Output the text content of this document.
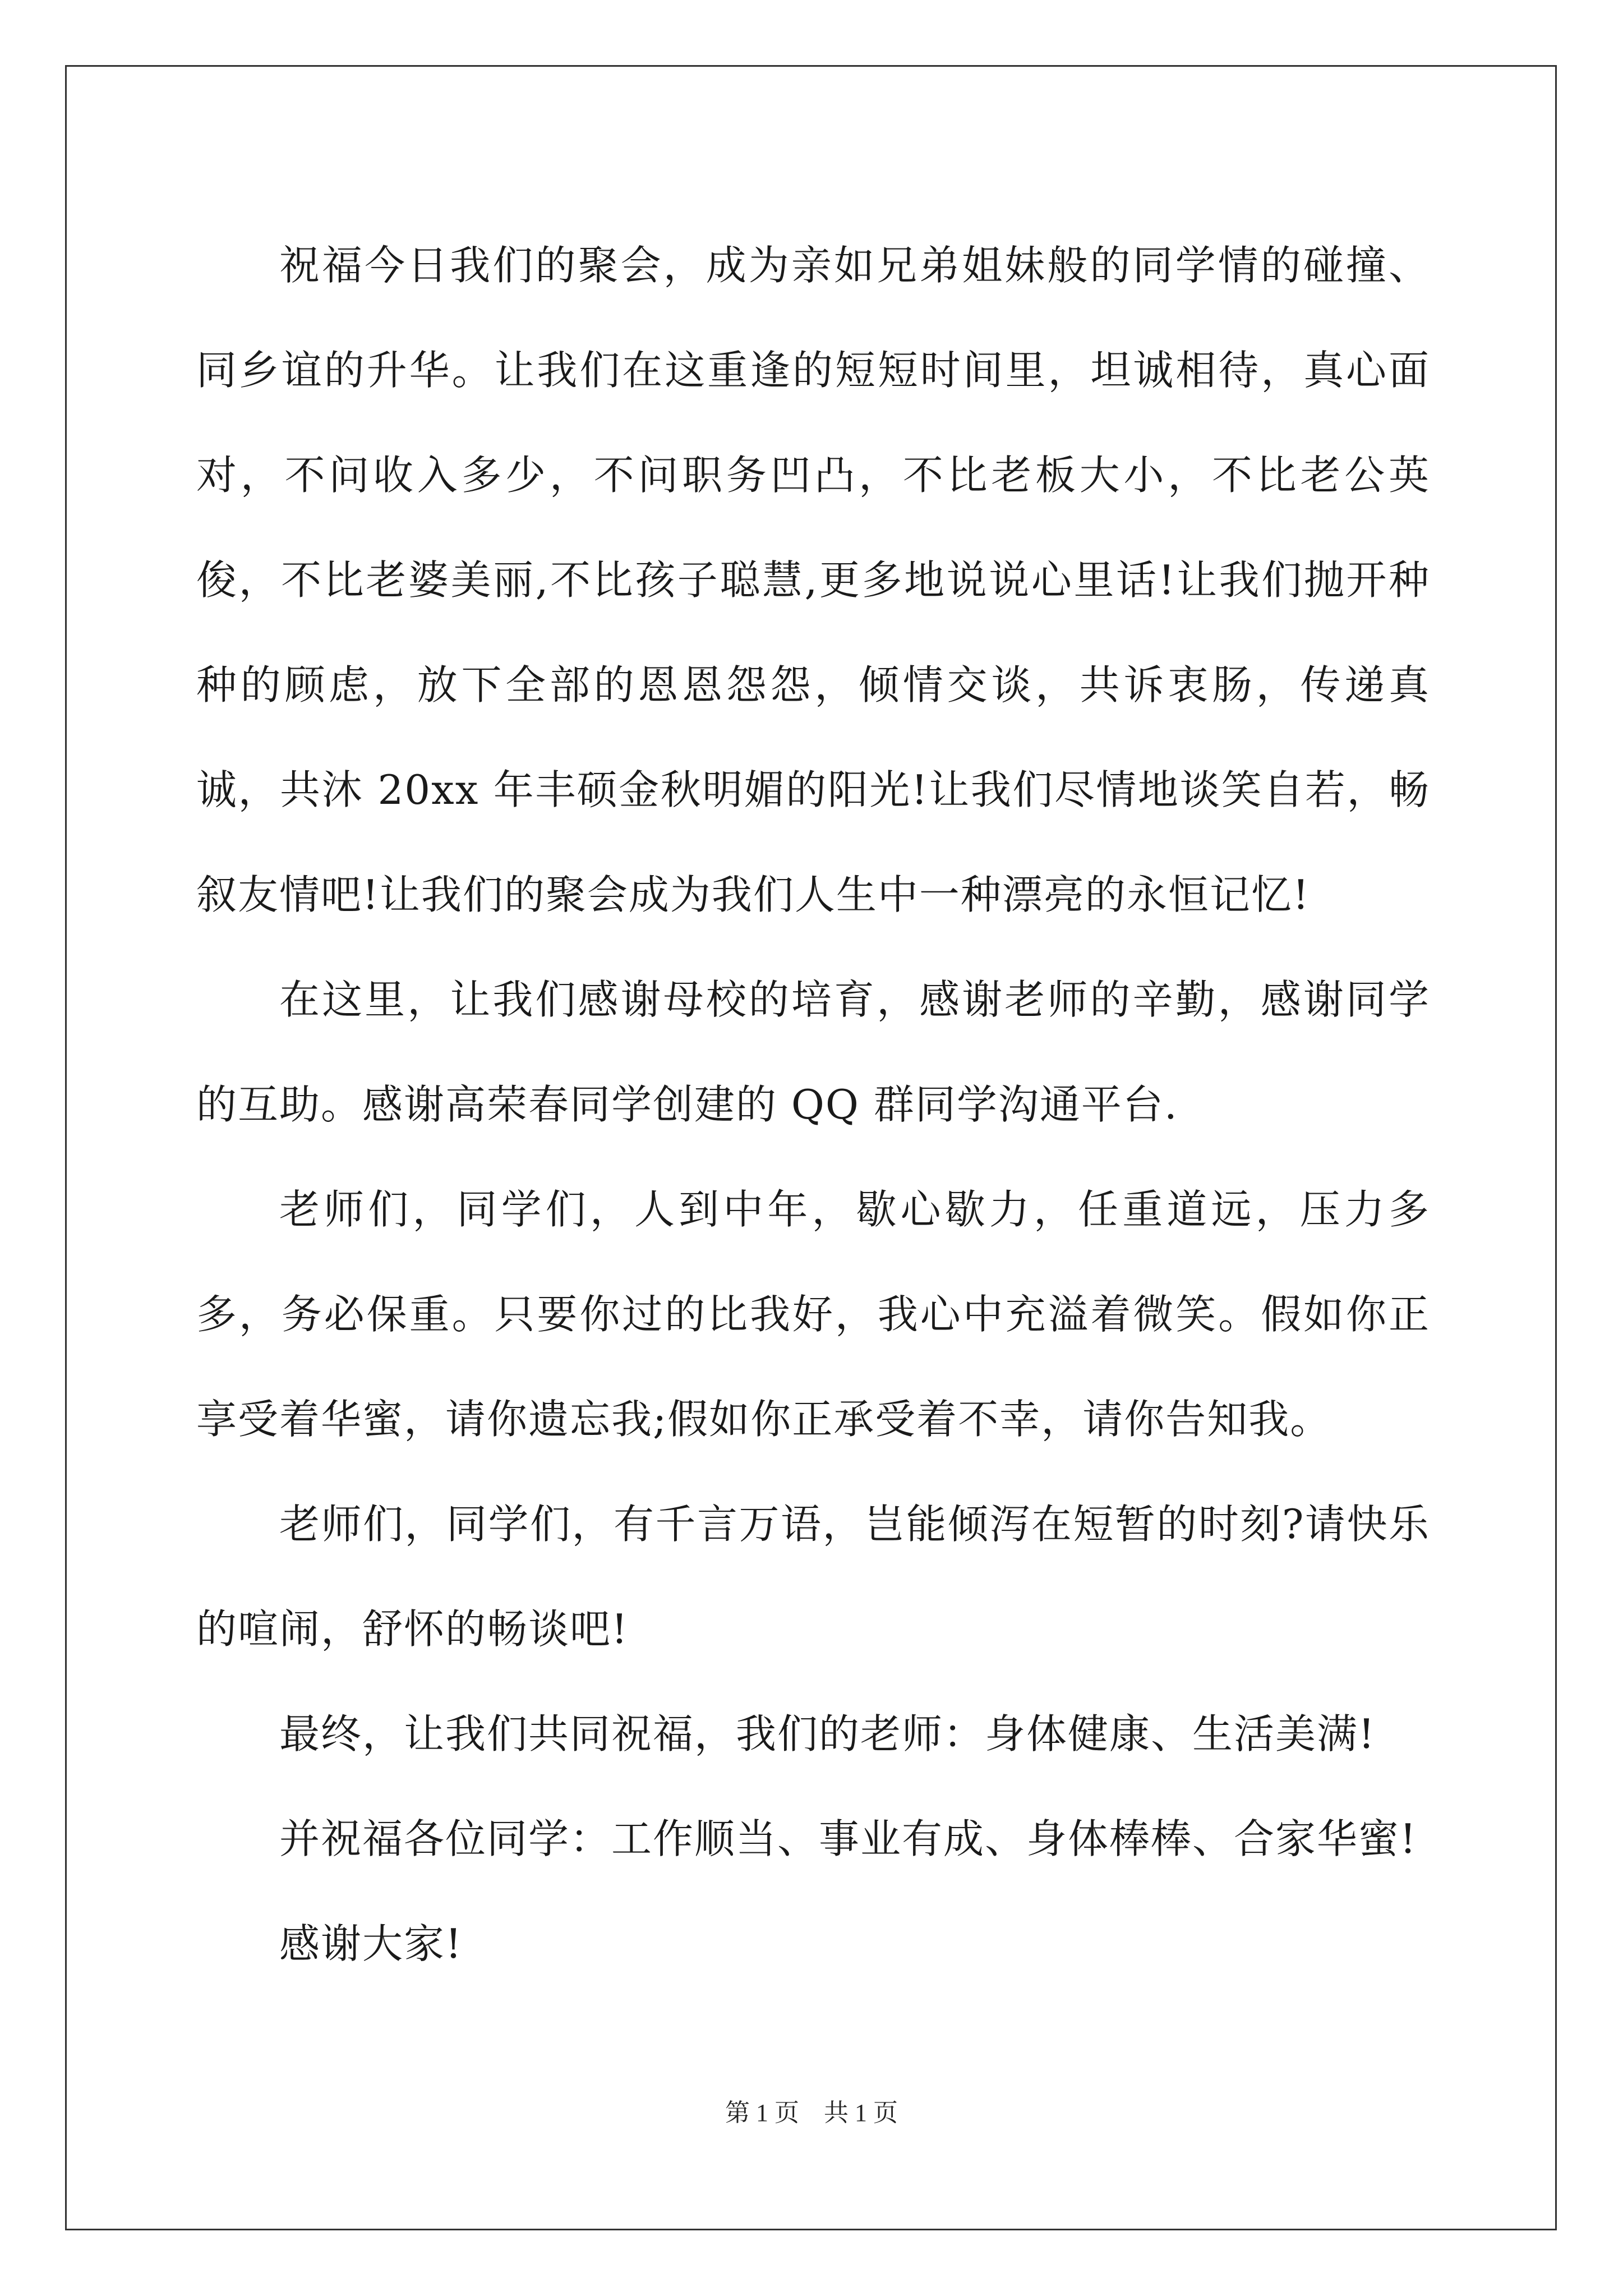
祝福今日我们的聚会，成为亲如兄弟姐妹般的同学情的碰撞、同乡谊的升华。让我们在这重逢的短短时间里，坦诚相待，真心面对，不问收入多少，不问职务凹凸，不比老板大小，不比老公英俊，不比老婆美丽,不比孩子聪慧,更多地说说心里话!让我们抛开种种的顾虑，放下全部的恩恩怨怨，倾情交谈，共诉衷肠，传递真诚，共沐 20xx 年丰硕金秋明媚的阳光!让我们尽情地谈笑自若，畅叙友情吧!让我们的聚会成为我们人生中一种漂亮的永恒记忆!

在这里，让我们感谢母校的培育，感谢老师的辛勤，感谢同学的互助。感谢高荣春同学创建的 QQ 群同学沟通平台.

老师们，同学们，人到中年，歇心歇力，任重道远，压力多多，务必保重。只要你过的比我好，我心中充溢着微笑。假如你正享受着华蜜，请你遗忘我;假如你正承受着不幸，请你告知我。

老师们，同学们，有千言万语，岂能倾泻在短暂的时刻?请快乐的喧闹，舒怀的畅谈吧!

最终，让我们共同祝福，我们的老师：身体健康、生活美满!

并祝福各位同学：工作顺当、事业有成、身体棒棒、合家华蜜!

感谢大家!

第 1 页　共 1 页
